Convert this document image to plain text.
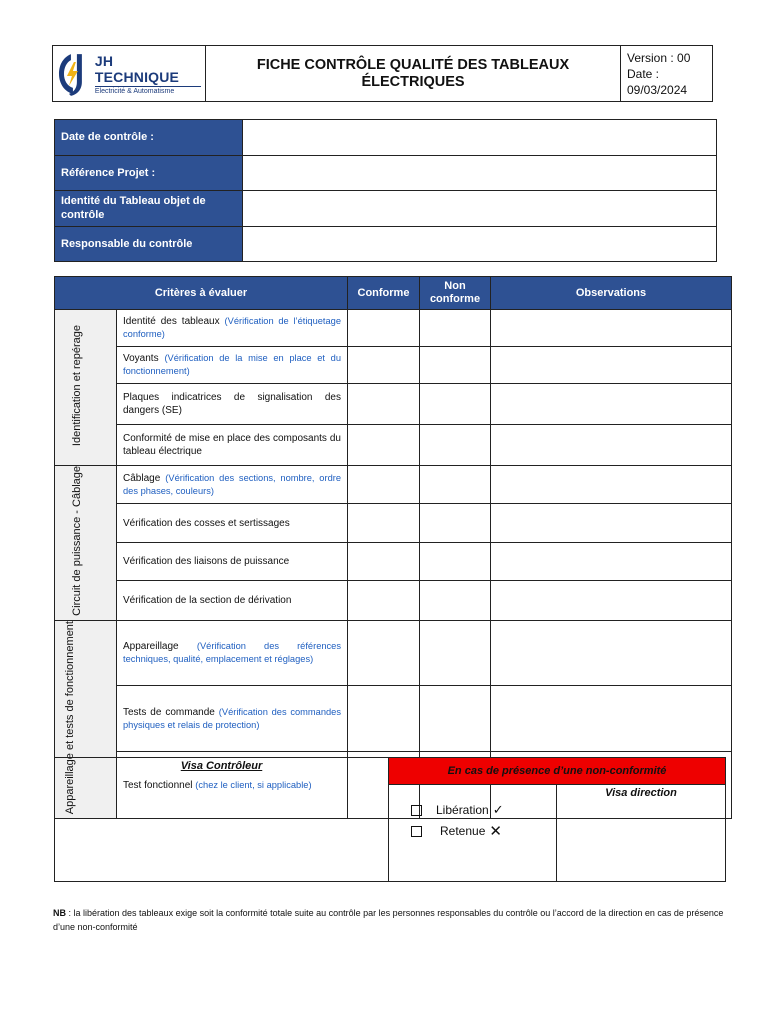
JH TECHNIQUE
Electricité & Automatisme
	FICHE CONTRÔLE QUALITÉ DES TABLEAUX ÉLECTRIQUES	
Version : 00
Date : 09/03/2024
Date de contrôle :	
Référence Projet :	
Identité du Tableau objet de contrôle	
Responsable du contrôle	
Critères à évaluer		Conforme	Non conforme	Observations
Identification et repérage	Identité des tableaux (Vérification de l’étiquetage conforme)			
	Voyants (Vérification de la mise en place et du fonctionnement)			
	Plaques indicatrices de signalisation des dangers (SE)			
	Conformité de mise en place des composants du tableau électrique			
Circuit de puissance - Câblage	Câblage (Vérification des sections, nombre, ordre des phases, couleurs)			
	Vérification des cosses et sertissages			
	Vérification des liaisons de puissance			
	Vérification de la section de dérivation			
Appareillage et tests de fonctionnement	Appareillage (Vérification des références techniques, qualité, emplacement et réglages)			
	Tests de commande (Vérification des commandes physiques et relais de protection)			
	Test fonctionnel (chez le client, si applicable)			
Visa Contrôleur	En cas de présence d’une non-conformité	

	Libération ✓
Retenue ✕	Visa direction
NB : la libération des tableaux exige soit la conformité totale suite au contrôle par les personnes responsables du contrôle ou l’accord de la direction en cas de présence d’une non-conformité
